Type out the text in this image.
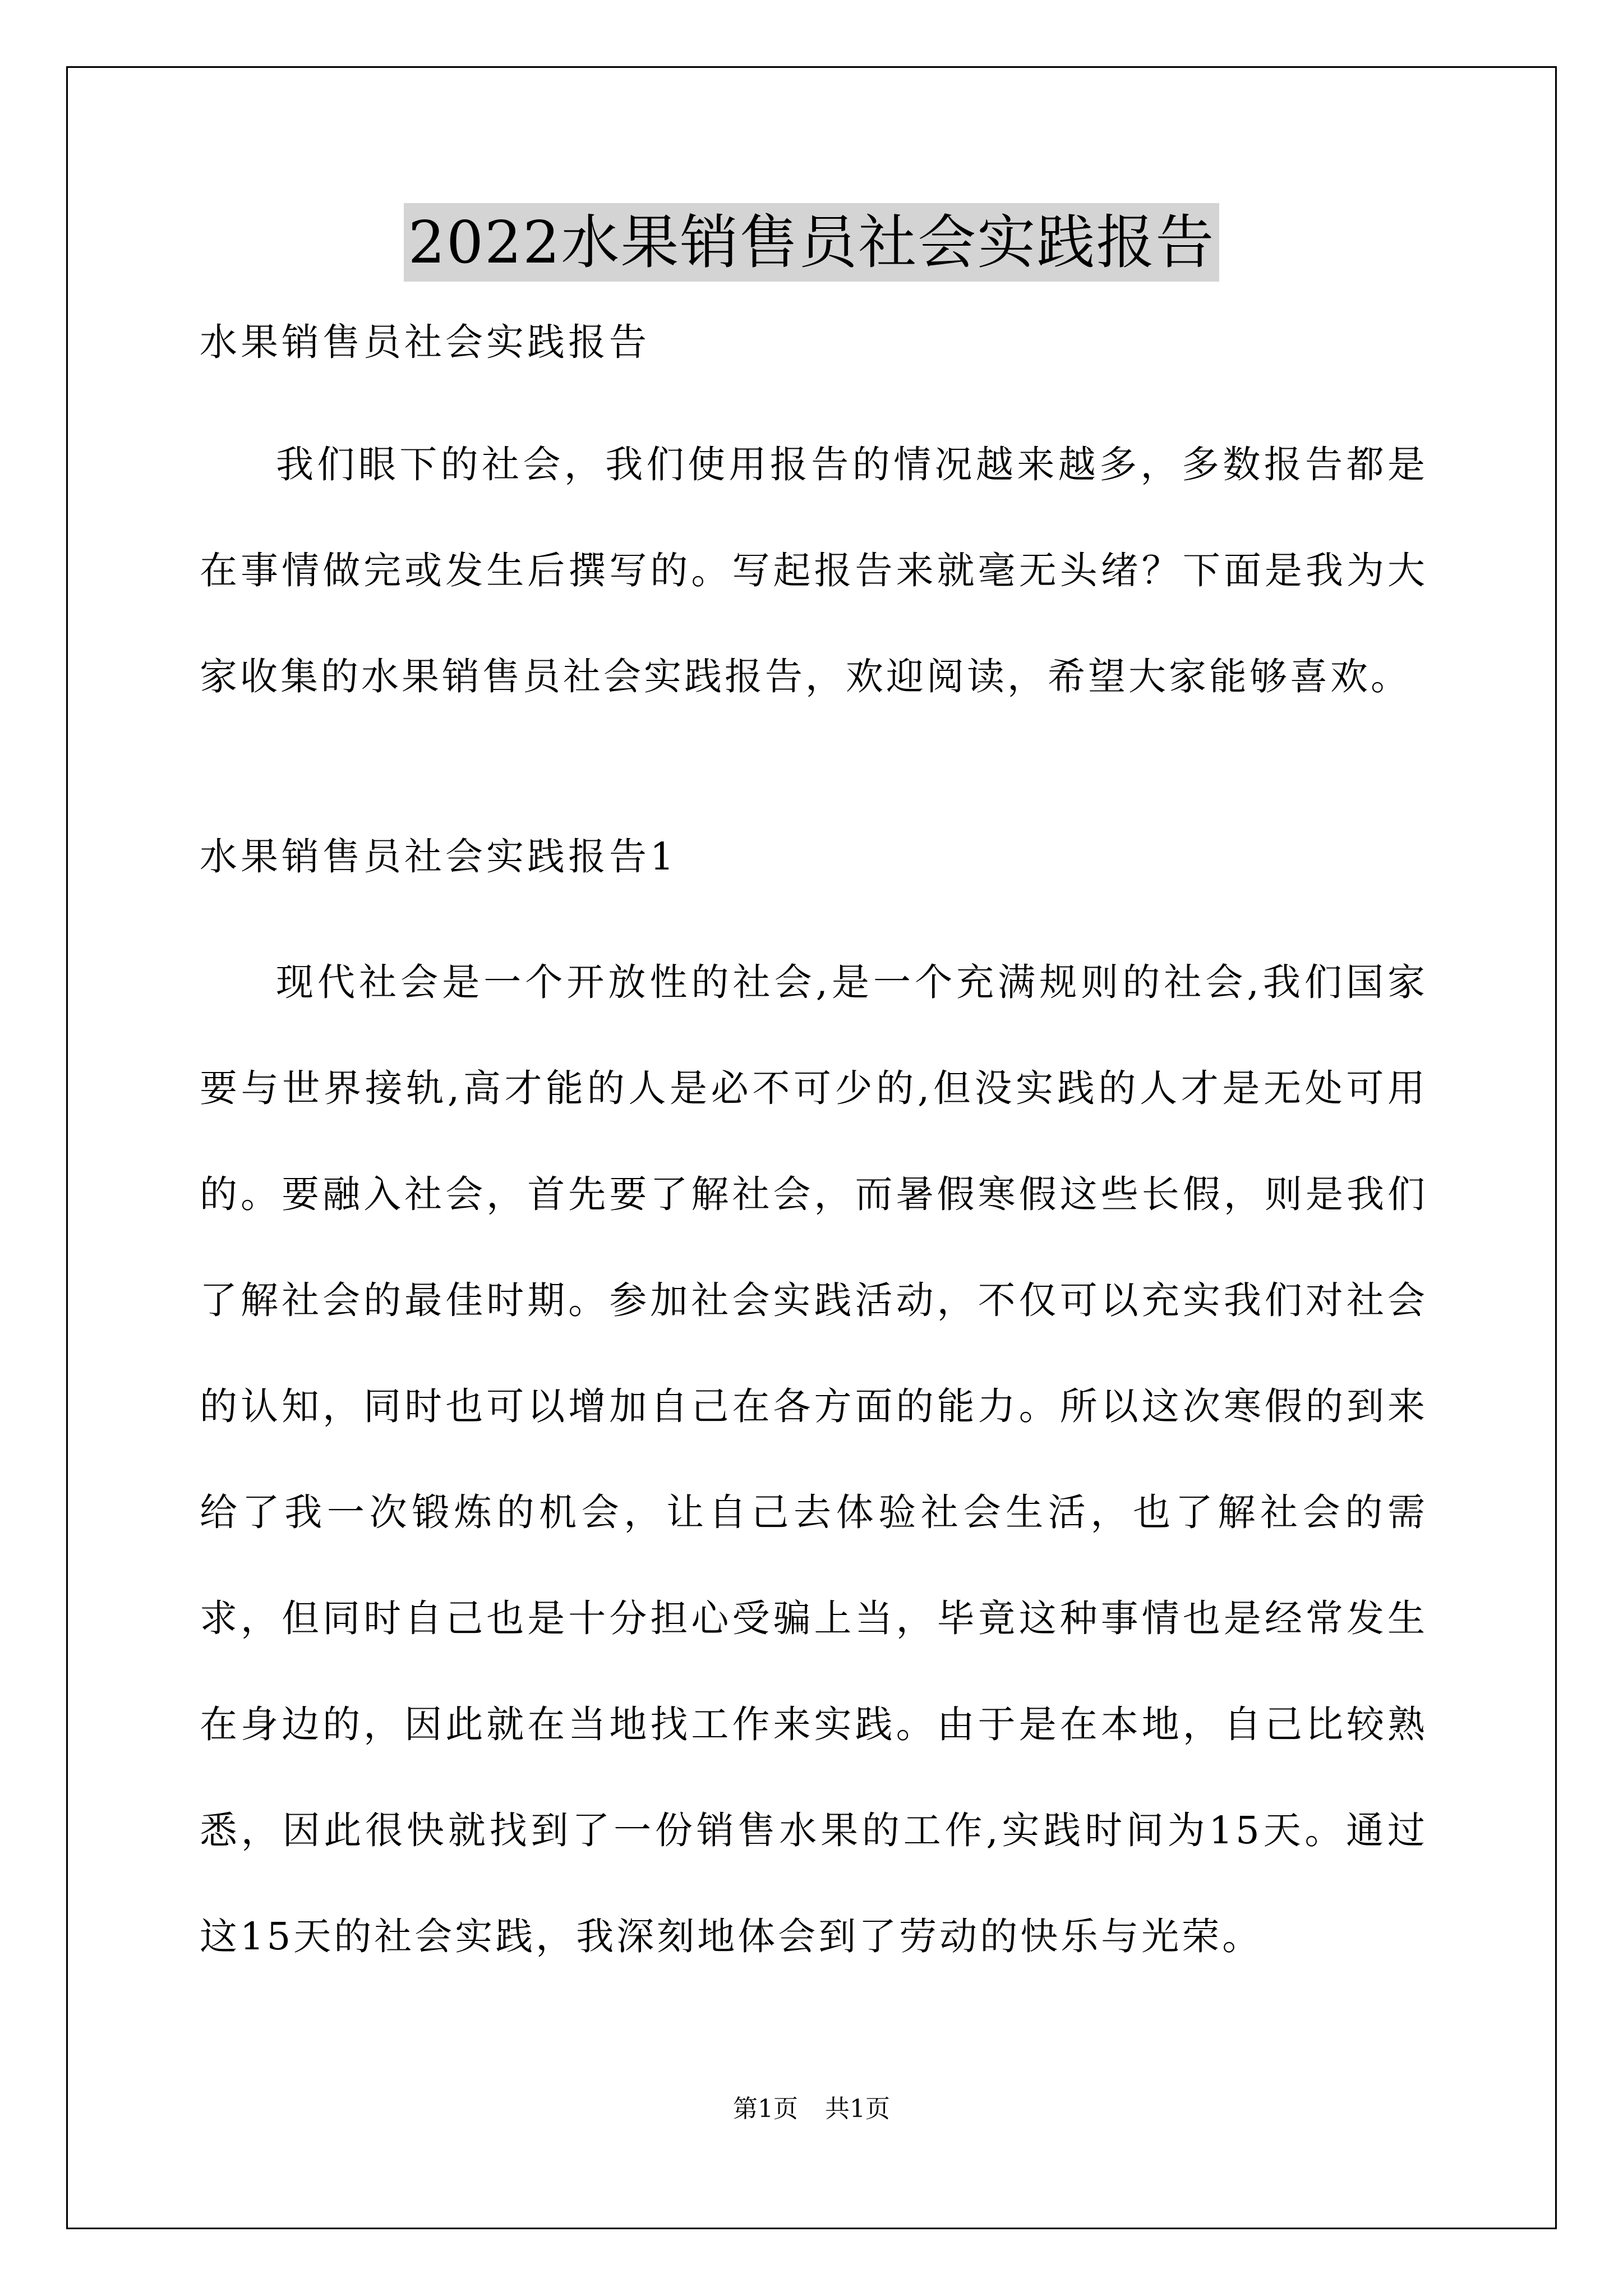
2022水果销售员社会实践报告

水果销售员社会实践报告

我们眼下的社会，我们使用报告的情况越来越多，多数报告都是在事情做完或发生后撰写的。写起报告来就毫无头绪？下面是我为大家收集的水果销售员社会实践报告，欢迎阅读，希望大家能够喜欢。

水果销售员社会实践报告1

现代社会是一个开放性的社会,是一个充满规则的社会,我们国家要与世界接轨,高才能的人是必不可少的,但没实践的人才是无处可用的。要融入社会，首先要了解社会，而暑假寒假这些长假，则是我们了解社会的最佳时期。参加社会实践活动，不仅可以充实我们对社会的认知，同时也可以增加自己在各方面的能力。所以这次寒假的到来给了我一次锻炼的机会，让自己去体验社会生活，也了解社会的需求，但同时自己也是十分担心受骗上当，毕竟这种事情也是经常发生在身边的，因此就在当地找工作来实践。由于是在本地，自己比较熟悉，因此很快就找到了一份销售水果的工作,实践时间为15天。通过这15天的社会实践，我深刻地体会到了劳动的快乐与光荣。

第1页 共1页
